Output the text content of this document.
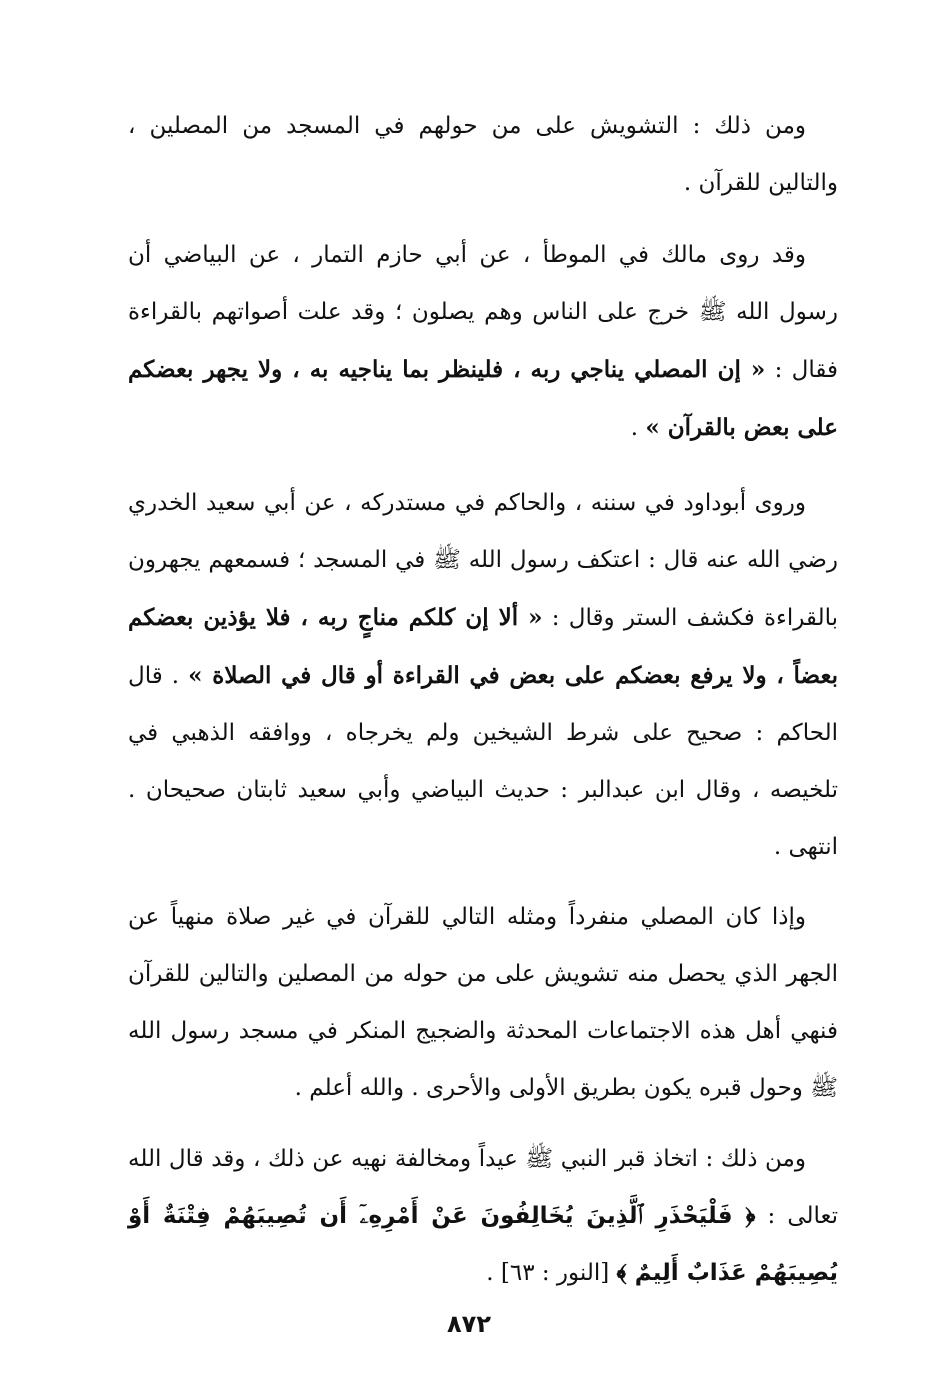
ومن ذلك : التشويش على من حولهم في المسجد من المصلين ، والتالين للقرآن .

وقد روى مالك في الموطأ ، عن أبي حازم التمار ، عن البياضي أن رسول الله ﷺ خرج على الناس وهم يصلون ؛ وقد علت أصواتهم بالقراءة فقال : « إن المصلي يناجي ربه ، فلينظر بما يناجيه به ، ولا يجهر بعضكم على بعض بالقرآن » .

وروى أبوداود في سننه ، والحاكم في مستدركه ، عن أبي سعيد الخدري رضي الله عنه قال : اعتكف رسول الله ﷺ في المسجد ؛ فسمعهم يجهرون بالقراءة فكشف الستر وقال : « ألا إن كلكم مناجٍ ربه ، فلا يؤذين بعضكم بعضاً ، ولا يرفع بعضكم على بعض في القراءة أو قال في الصلاة » . قال الحاكم : صحيح على شرط الشيخين ولم يخرجاه ، ووافقه الذهبي في تلخيصه ، وقال ابن عبدالبر : حديث البياضي وأبي سعيد ثابتان صحيحان . انتهى .

وإذا كان المصلي منفرداً ومثله التالي للقرآن في غير صلاة منهياً عن الجهر الذي يحصل منه تشويش على من حوله من المصلين والتالين للقرآن فنهي أهل هذه الاجتماعات المحدثة والضجيج المنكر في مسجد رسول الله ﷺ وحول قبره يكون بطريق الأولى والأحرى . والله أعلم .

ومن ذلك : اتخاذ قبر النبي ﷺ عيداً ومخالفة نهيه عن ذلك ، وقد قال الله تعالى : ﴿ فَلْيَحْذَرِ ٱلَّذِينَ يُخَالِفُونَ عَنْ أَمْرِهِۦٓ أَن تُصِيبَهُمْ فِتْنَةٌ أَوْ يُصِيبَهُمْ عَذَابٌ أَلِيمٌ ﴾ [النور : ٦٣] .

٨٧٢
